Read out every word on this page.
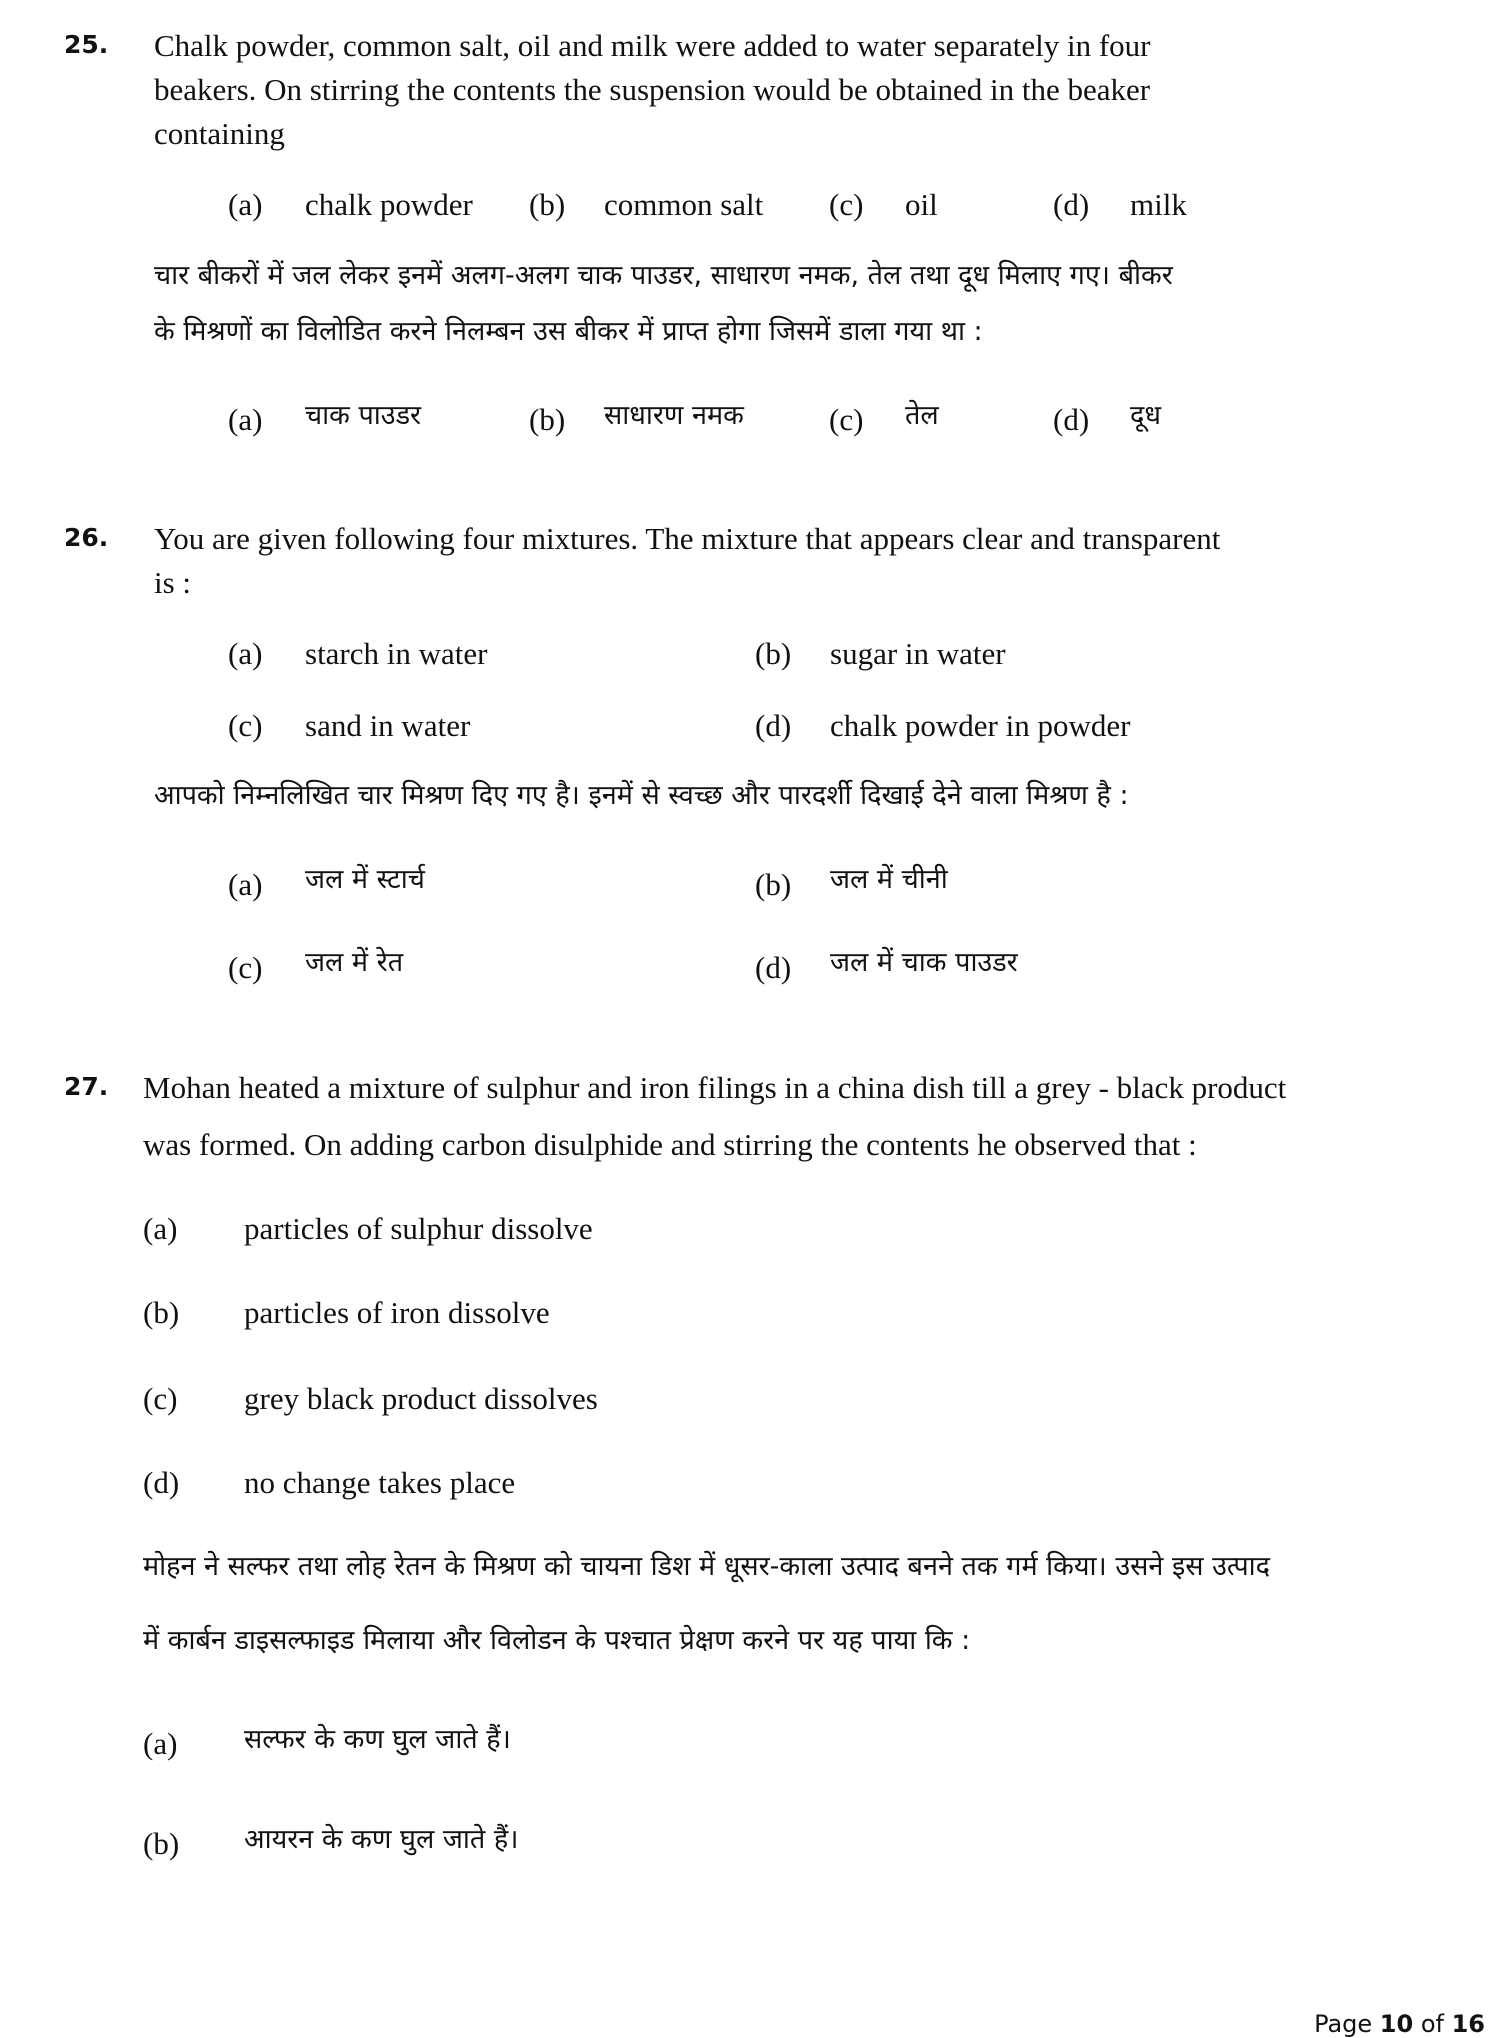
25. Chalk powder, common salt, oil and milk were added to water separately in four
beakers. On stirring the contents the suspension would be obtained in the beaker
containing
(a) chalk powder (b) common salt (c) oil	(d) milk
चार बीकरों में जल लेकर इनमें अलग-अलग चाक पाउडर, साधारण नमक, तेल तथा दूध मिलाए गए। बीकर
के मिश्रणों का विलोडित करने निलम्बन उस बीकर में प्राप्त होगा जिसमें डाला गया था :
(a) चाक पाउडर	(b) साधारण नमक	(c) तेल	(d) दूध
26. You are given following four mixtures. The mixture that appears clear and transparent
is :
(a) starch in water	(b) sugar in water
(c) sand in water	(d) chalk powder in powder
आपको निम्नलिखित चार मिश्रण दिए गए है। इनमें से स्वच्छ और पारदर्शी दिखाई देने वाला मिश्रण है :
(a) जल में स्टार्च	(b) जल में चीनी
(c) जल में रेत	(d) जल में चाक पाउडर
27. Mohan heated a mixture of sulphur and iron filings in a china dish till a grey - black product
was formed. On adding carbon disulphide and stirring the contents he observed that :
(a) particles of sulphur dissolve
(b) particles of iron dissolve
(c) grey black product dissolves
(d) no change takes place
मोहन ने सल्फर तथा लोह रेतन के मिश्रण को चायना डिश में धूसर-काला उत्पाद बनने तक गर्म किया। उसने इस उत्पाद
में कार्बन डाइसल्फाइड मिलाया और विलोडन के पश्चात प्रेक्षण करने पर यह पाया कि :
(a) सल्फर के कण घुल जाते हैं।
(b) आयरन के कण घुल जाते हैं।
Page 10 of 16
